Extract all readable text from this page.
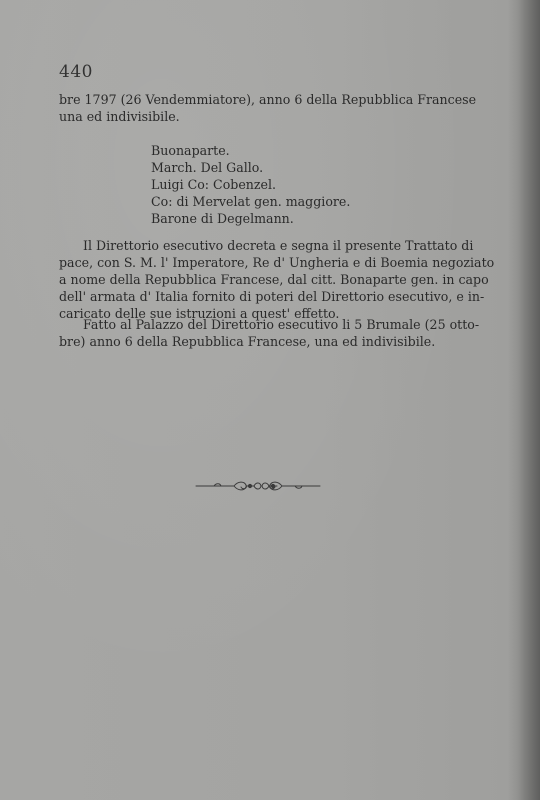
440
bre 1797 (26 Vendemmiatore), anno 6 della Repubblica Francese
una ed indivisibile.
Buonaparte.
March. Del Gallo.
Luigi Co: Cobenzel.
Co: di Mervelat gen. maggiore.
Barone di Degelmann.
Il Direttorio esecutivo decreta e segna il presente Trattato di
pace, con S. M. l' Imperatore, Re d' Ungheria e di Boemia negoziato
a nome della Repubblica Francese, dal citt. Bonaparte gen. in capo
dell' armata d' Italia fornito di poteri del Direttorio esecutivo, e in-
caricato delle sue istruzioni a quest' effetto.
Fatto al Palazzo del Direttorio esecutivo li 5 Brumale (25 otto-
bre) anno 6 della Repubblica Francese, una ed indivisibile.
